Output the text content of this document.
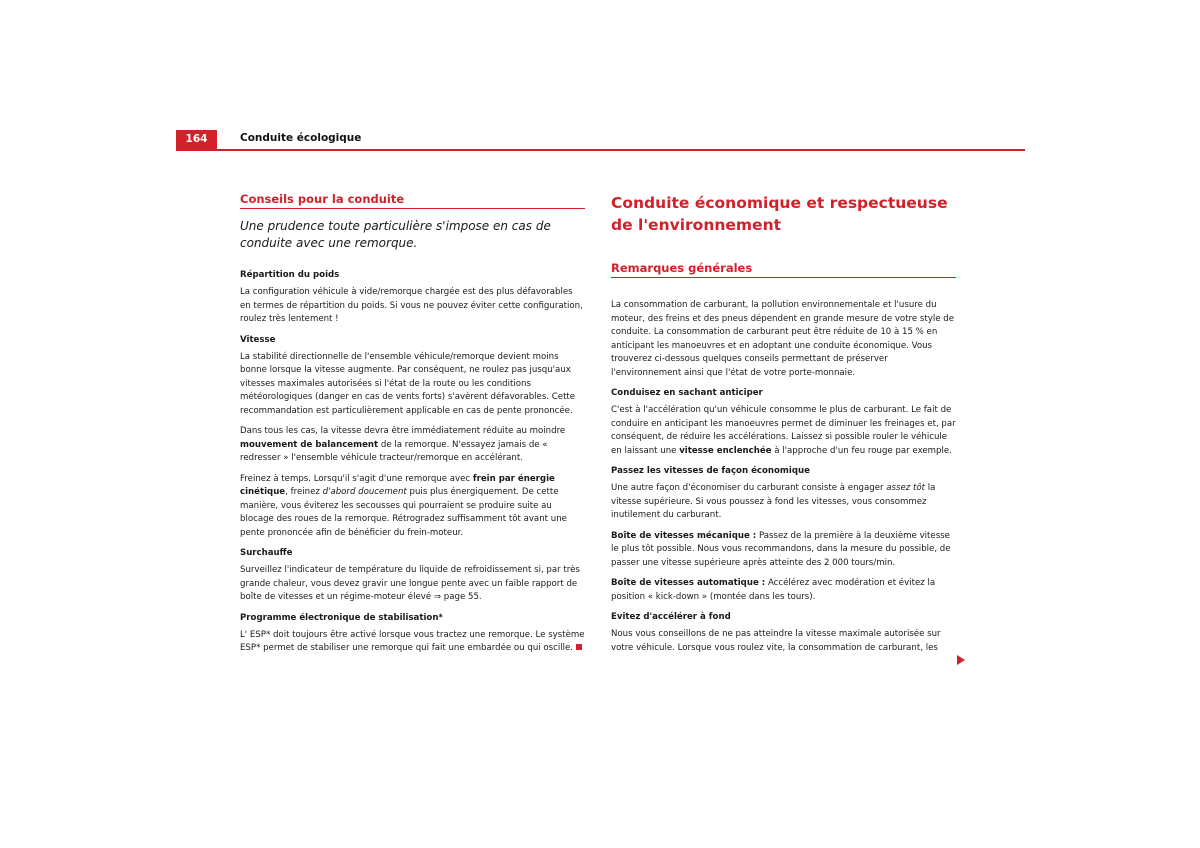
164	Conduite écologique
Conseils pour la conduite

Une prudence toute particulière s'impose en cas de conduite avec une remorque.

Répartition du poids

La configuration véhicule à vide/remorque chargée est des plus défavorables en termes de répartition du poids. Si vous ne pouvez éviter cette configuration, roulez très lentement !

Vitesse

La stabilité directionnelle de l'ensemble véhicule/remorque devient moins bonne lorsque la vitesse augmente. Par conséquent, ne roulez pas jusqu'aux vitesses maximales autorisées si l'état de la route ou les conditions météorologiques (danger en cas de vents forts) s'avèrent défavorables. Cette recommandation est particulièrement applicable en cas de pente prononcée.

Dans tous les cas, la vitesse devra être immédiatement réduite au moindre mouvement de balancement de la remorque. N'essayez jamais de « redresser » l'ensemble véhicule tracteur/remorque en accélérant.

Freinez à temps. Lorsqu'il s'agit d'une remorque avec frein par énergie cinétique, freinez d'abord doucement puis plus énergiquement. De cette manière, vous éviterez les secousses qui pourraient se produire suite au blocage des roues de la remorque. Rétrogradez suffisamment tôt avant une pente prononcée afin de bénéficier du frein-moteur.

Surchauffe

Surveillez l'indicateur de température du liquide de refroidissement si, par très grande chaleur, vous devez gravir une longue pente avec un faible rapport de boîte de vitesses et un régime-moteur élevé ⇒ page 55.

Programme électronique de stabilisation*

L' ESP* doit toujours être activé lorsque vous tractez une remorque. Le système ESP* permet de stabiliser une remorque qui fait une embardée ou qui oscille.

Conduite économique et respectueuse de l'environnement
Remarques générales

La consommation de carburant, la pollution environnementale et l'usure du moteur, des freins et des pneus dépendent en grande mesure de votre style de conduite. La consommation de carburant peut être réduite de 10 à 15 % en anticipant les manoeuvres et en adoptant une conduite économique. Vous trouverez ci-dessous quelques conseils permettant de préserver l'environnement ainsi que l'état de votre porte-monnaie.

Conduisez en sachant anticiper

C'est à l'accélération qu'un véhicule consomme le plus de carburant. Le fait de conduire en anticipant les manoeuvres permet de diminuer les freinages et, par conséquent, de réduire les accélérations. Laissez si possible rouler le véhicule en laissant une vitesse enclenchée à l'approche d'un feu rouge par exemple.

Passez les vitesses de façon économique

Une autre façon d'économiser du carburant consiste à engager assez tôt la vitesse supérieure. Si vous poussez à fond les vitesses, vous consommez inutilement du carburant.

Boîte de vitesses mécanique : Passez de la première à la deuxième vitesse le plus tôt possible. Nous vous recommandons, dans la mesure du possible, de passer une vitesse supérieure après atteinte des 2 000 tours/min.

Boîte de vitesses automatique : Accélérez avec modération et évitez la position « kick-down » (montée dans les tours).

Evitez d'accélérer à fond

Nous vous conseillons de ne pas atteindre la vitesse maximale autorisée sur votre véhicule. Lorsque vous roulez vite, la consommation de carburant, les
